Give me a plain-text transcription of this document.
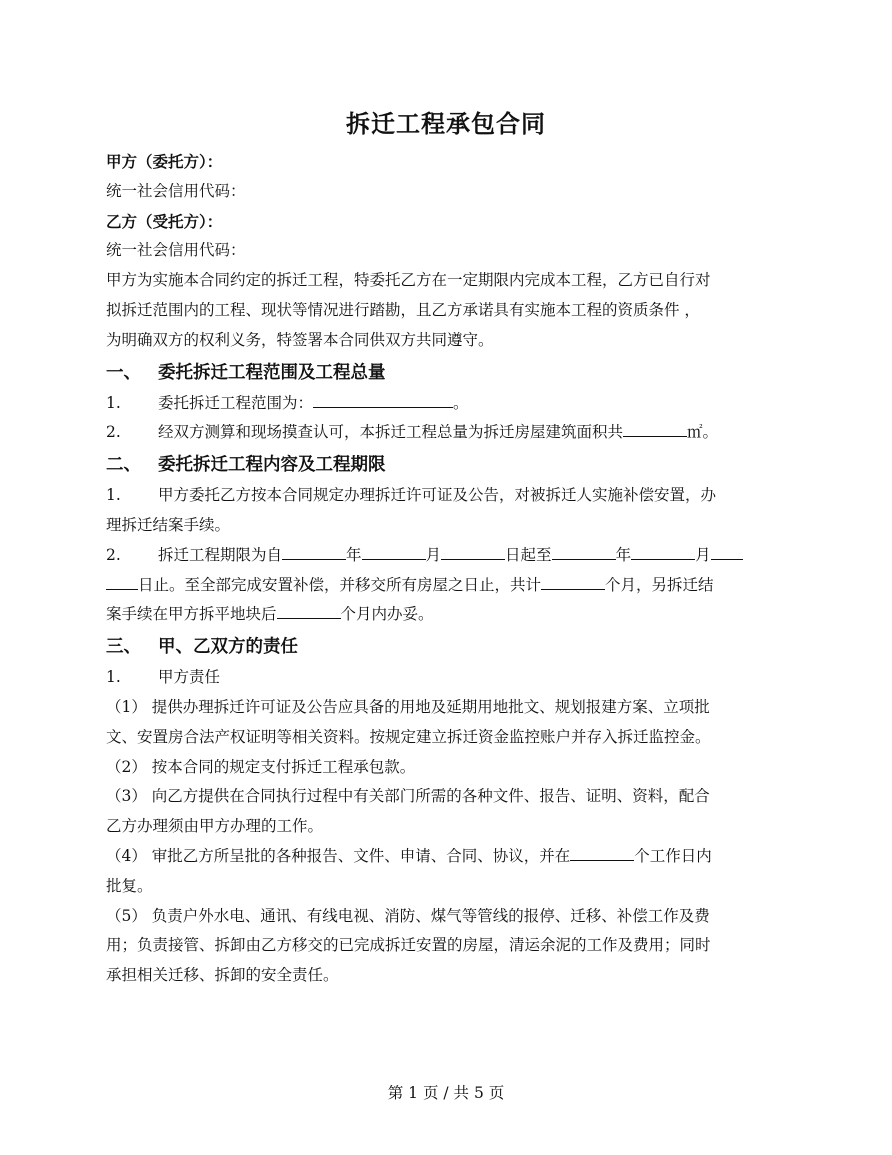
拆迁工程承包合同
甲方（委托方）：
统一社会信用代码：
乙方（受托方）：
统一社会信用代码：
甲方为实施本合同约定的拆迁工程，特委托乙方在一定期限内完成本工程，乙方已自行对
拟拆迁范围内的工程、现状等情况进行踏勘，且乙方承诺具有实施本工程的资质条件 ，
为明确双方的权利义务，特签署本合同供双方共同遵守。
一、 委托拆迁工程范围及工程总量
1. 委托拆迁工程范围为：	。
2. 经双方测算和现场摸查认可，本拆迁工程总量为拆迁房屋建筑面积共	㎡。
二、 委托拆迁工程内容及工程期限
1. 甲方委托乙方按本合同规定办理拆迁许可证及公告，对被拆迁人实施补偿安置，办
理拆迁结案手续。
2. 拆迁工程期限为自	年	月	日起至	年	月
日止。至全部完成安置补偿，并移交所有房屋之日止，共计	个月，另拆迁结
案手续在甲方拆平地块后	个月内办妥。
三、 甲、乙双方的责任
1. 甲方责任
（1） 提供办理拆迁许可证及公告应具备的用地及延期用地批文、规划报建方案、立项批
文、安置房合法产权证明等相关资料。按规定建立拆迁资金监控账户并存入拆迁监控金。
（2） 按本合同的规定支付拆迁工程承包款。
（3） 向乙方提供在合同执行过程中有关部门所需的各种文件、报告、证明、资料，配合
乙方办理须由甲方办理的工作。
（4） 审批乙方所呈批的各种报告、文件、申请、合同、协议，并在	个工作日内
批复。
（5） 负责户外水电、通讯、有线电视、消防、煤气等管线的报停、迁移、补偿工作及费
用；负责接管、拆卸由乙方移交的已完成拆迁安置的房屋，清运余泥的工作及费用；同时
承担相关迁移、拆卸的安全责任。
第 1 页 / 共 5 页
